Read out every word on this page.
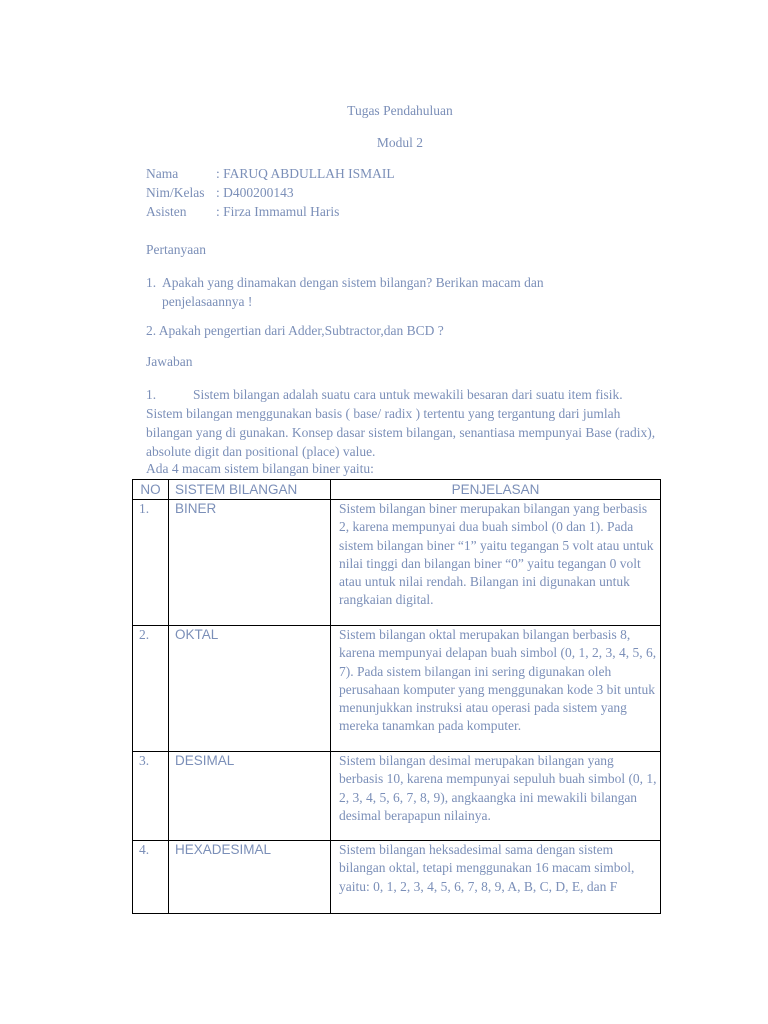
Tugas Pendahuluan
Modul 2
Nama	: FARUQ ABDULLAH ISMAIL
Nim/Kelas : D400200143
Asisten : Firza Immamul Haris
Pertanyaan
1. Apakah yang dinamakan dengan sistem bilangan? Berikan macam dan penjelasaannya !
2. Apakah pengertian dari Adder,Subtractor,dan BCD ?
Jawaban
1.	Sistem bilangan adalah suatu cara untuk mewakili besaran dari suatu item fisik. Sistem bilangan menggunakan basis ( base/ radix ) tertentu yang tergantung dari jumlah bilangan yang di gunakan. Konsep dasar sistem bilangan, senantiasa mempunyai Base (radix), absolute digit dan positional (place) value.
Ada 4 macam sistem bilangan biner yaitu:
NO	SISTEM BILANGAN	PENJELASAN
1.	BINER	Sistem bilangan biner merupakan bilangan yang berbasis 2, karena mempunyai dua buah simbol (0 dan 1). Pada sistem bilangan biner “1” yaitu tegangan 5 volt atau untuk nilai tinggi dan bilangan biner “0” yaitu tegangan 0 volt atau untuk nilai rendah. Bilangan ini digunakan untuk rangkaian digital.
2.	OKTAL	Sistem bilangan oktal merupakan bilangan berbasis 8, karena mempunyai delapan buah simbol (0, 1, 2, 3, 4, 5, 6, 7). Pada sistem bilangan ini sering digunakan oleh perusahaan komputer yang menggunakan kode 3 bit untuk menunjukkan instruksi atau operasi pada sistem yang mereka tanamkan pada komputer.
3.	DESIMAL	Sistem bilangan desimal merupakan bilangan yang berbasis 10, karena mempunyai sepuluh buah simbol (0, 1, 2, 3, 4, 5, 6, 7, 8, 9), angkaangka ini mewakili bilangan desimal berapapun nilainya.
4.	HEXADESIMAL	Sistem bilangan heksadesimal sama dengan sistem bilangan oktal, tetapi menggunakan 16 macam simbol, yaitu: 0, 1, 2, 3, 4, 5, 6, 7, 8, 9, A, B, C, D, E, dan F
